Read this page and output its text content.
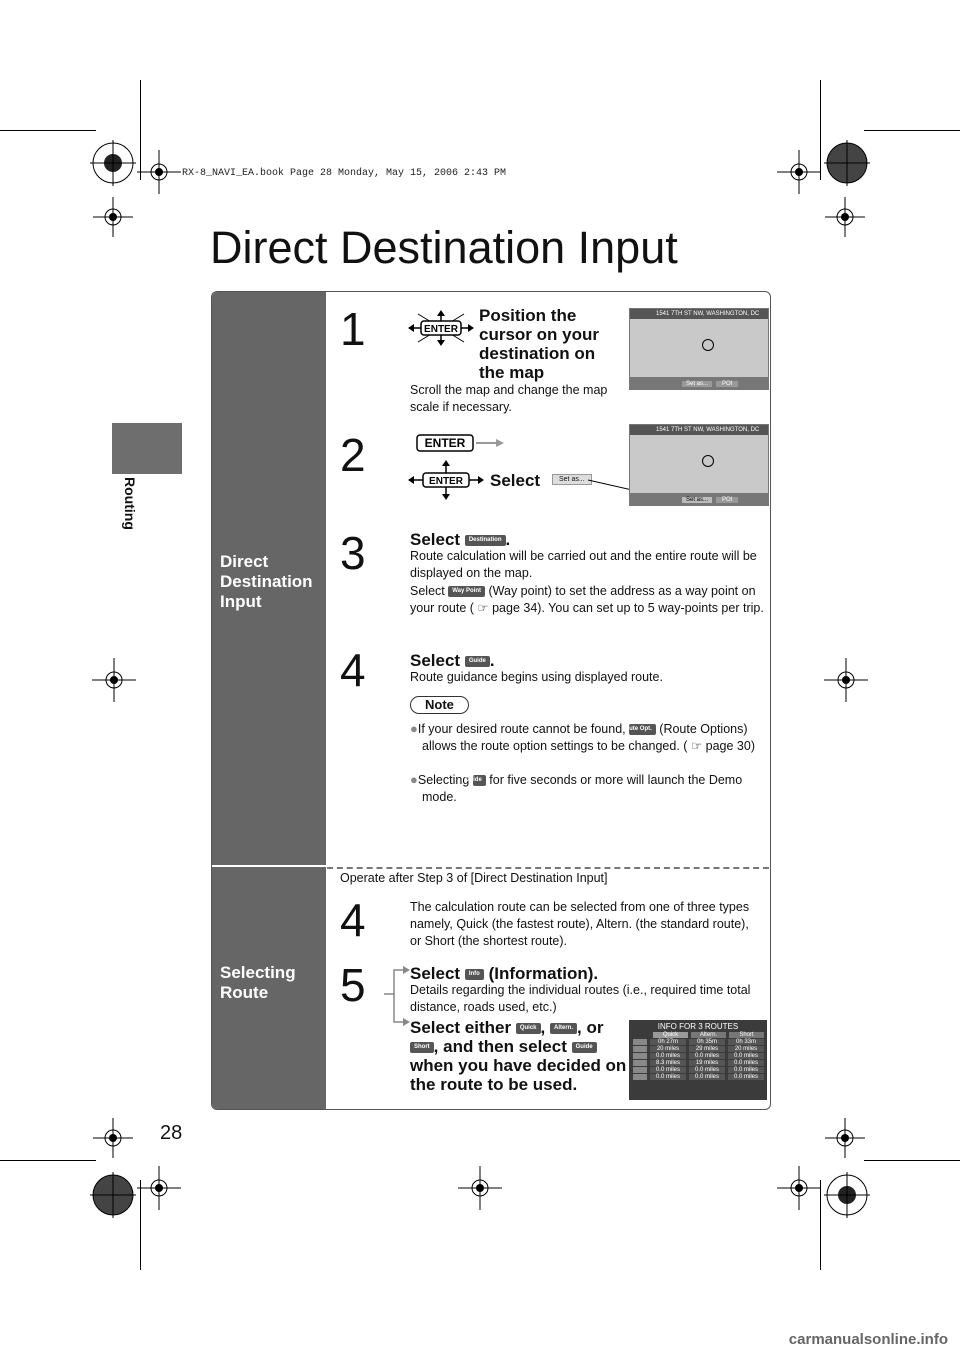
RX-8_NAVI_EA.book Page 28 Monday, May 15, 2006 2:43 PM
Routing
Direct Destination Input
Direct
Destination
Input
Selecting
Route
1	ENTER
Position the cursor on your destination on the map
Scroll the map and change the map scale if necessary.
1541 7TH ST NW, WASHINGTON, DC
Set as...	POI
2	ENTER
ENTER Select	Set as...
1541 7TH ST NW, WASHINGTON, DC
Set as...	POI
3	Select Destination .
Route calculation will be carried out and the entire route will be displayed on the map.
Select Way Point (Way point) to set the address as a way point on your route ( ☞ page 34). You can set up to 5 way-points per trip.
4	Select Guide .
Route guidance begins using displayed route.
Note
●If your desired route cannot be found, Route Opt. (Route Options) allows the route option settings to be changed. ( ☞ page 30)
●Selecting Guide for five seconds or more will launch the Demo mode.
Operate after Step 3 of [Direct Destination Input]
4	The calculation route can be selected from one of three types namely, Quick (the fastest route), Altern. (the standard route), or Short (the shortest route).
5	Select Info (Information).
Details regarding the individual routes (i.e., required time total distance, roads used, etc.)
Select either Quick , Altern. , or Short , and then select Guide when you have decided on the route to be used.
INFO FOR 3 ROUTES
Quick	Altern.	Short
0h 27m	0h 35m	0h 33m
20 miles	29 miles	20 miles
0.0 miles	0.0 miles	0.0 miles
8.3 miles	19 miles	0.0 miles
0.0 miles	0.0 miles	0.0 miles
0.0 miles	0.0 miles	0.0 miles
28
carmanualsonline.info
